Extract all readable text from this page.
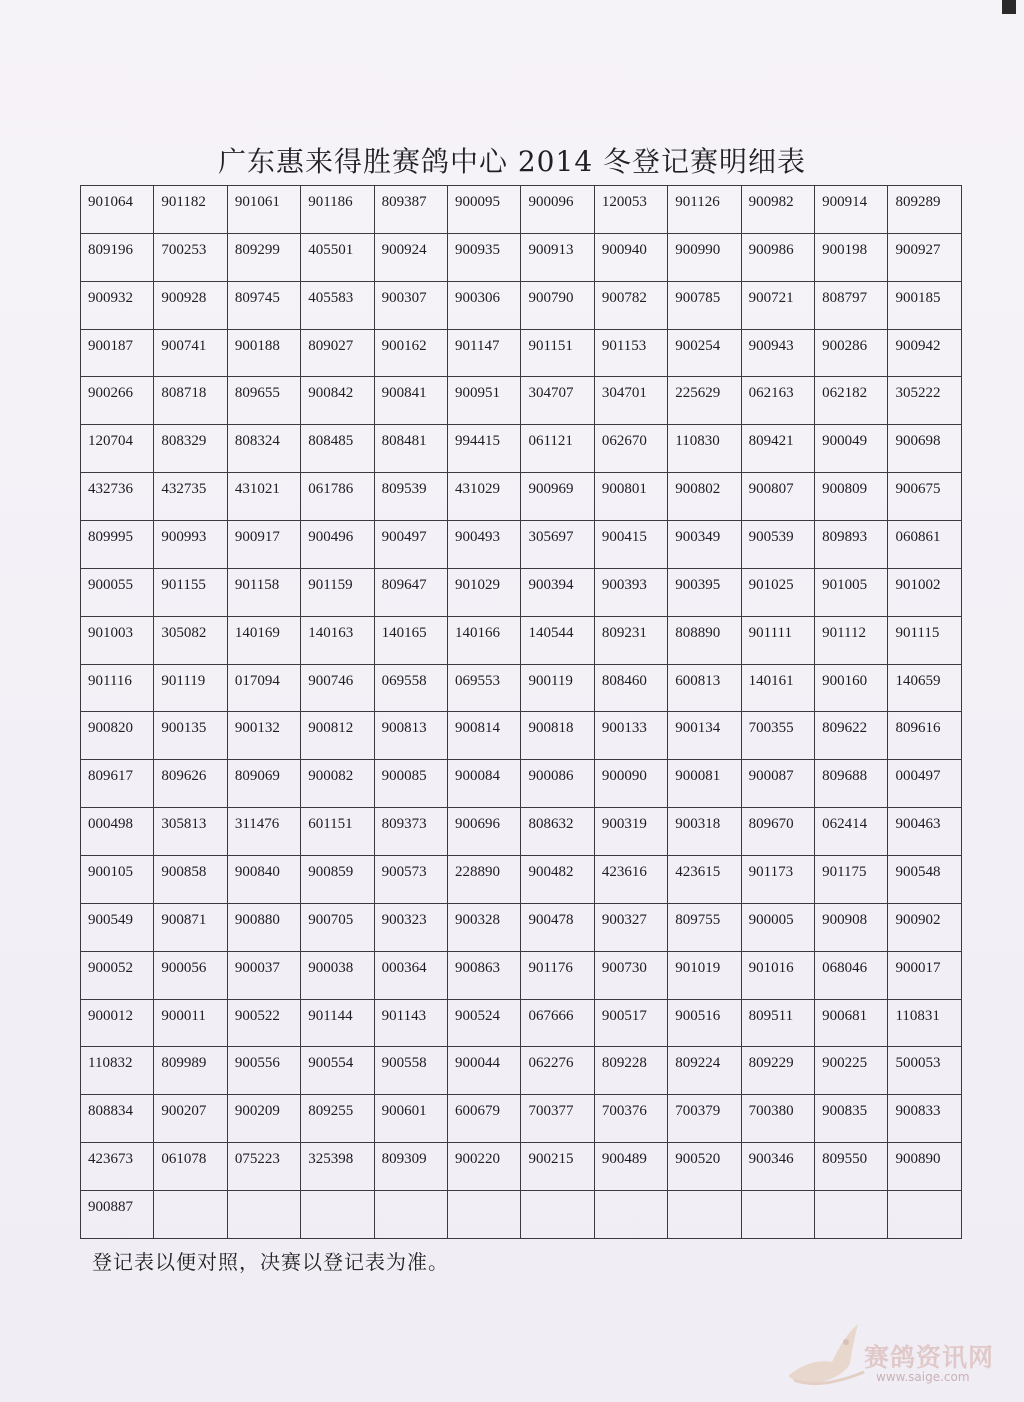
广东惠来得胜赛鸽中心 2014 冬登记赛明细表
901064	901182	901061	901186	809387	900095	900096	120053	901126	900982	900914	809289
809196	700253	809299	405501	900924	900935	900913	900940	900990	900986	900198	900927
900932	900928	809745	405583	900307	900306	900790	900782	900785	900721	808797	900185
900187	900741	900188	809027	900162	901147	901151	901153	900254	900943	900286	900942
900266	808718	809655	900842	900841	900951	304707	304701	225629	062163	062182	305222
120704	808329	808324	808485	808481	994415	061121	062670	110830	809421	900049	900698
432736	432735	431021	061786	809539	431029	900969	900801	900802	900807	900809	900675
809995	900993	900917	900496	900497	900493	305697	900415	900349	900539	809893	060861
900055	901155	901158	901159	809647	901029	900394	900393	900395	901025	901005	901002
901003	305082	140169	140163	140165	140166	140544	809231	808890	901111	901112	901115
901116	901119	017094	900746	069558	069553	900119	808460	600813	140161	900160	140659
900820	900135	900132	900812	900813	900814	900818	900133	900134	700355	809622	809616
809617	809626	809069	900082	900085	900084	900086	900090	900081	900087	809688	000497
000498	305813	311476	601151	809373	900696	808632	900319	900318	809670	062414	900463
900105	900858	900840	900859	900573	228890	900482	423616	423615	901173	901175	900548
900549	900871	900880	900705	900323	900328	900478	900327	809755	900005	900908	900902
900052	900056	900037	900038	000364	900863	901176	900730	901019	901016	068046	900017
900012	900011	900522	901144	901143	900524	067666	900517	900516	809511	900681	110831
110832	809989	900556	900554	900558	900044	062276	809228	809224	809229	900225	500053
808834	900207	900209	809255	900601	600679	700377	700376	700379	700380	900835	900833
423673	061078	075223	325398	809309	900220	900215	900489	900520	900346	809550	900890
900887											
登记表以便对照，决赛以登记表为准。
赛鸽资讯网
www.saige.com
